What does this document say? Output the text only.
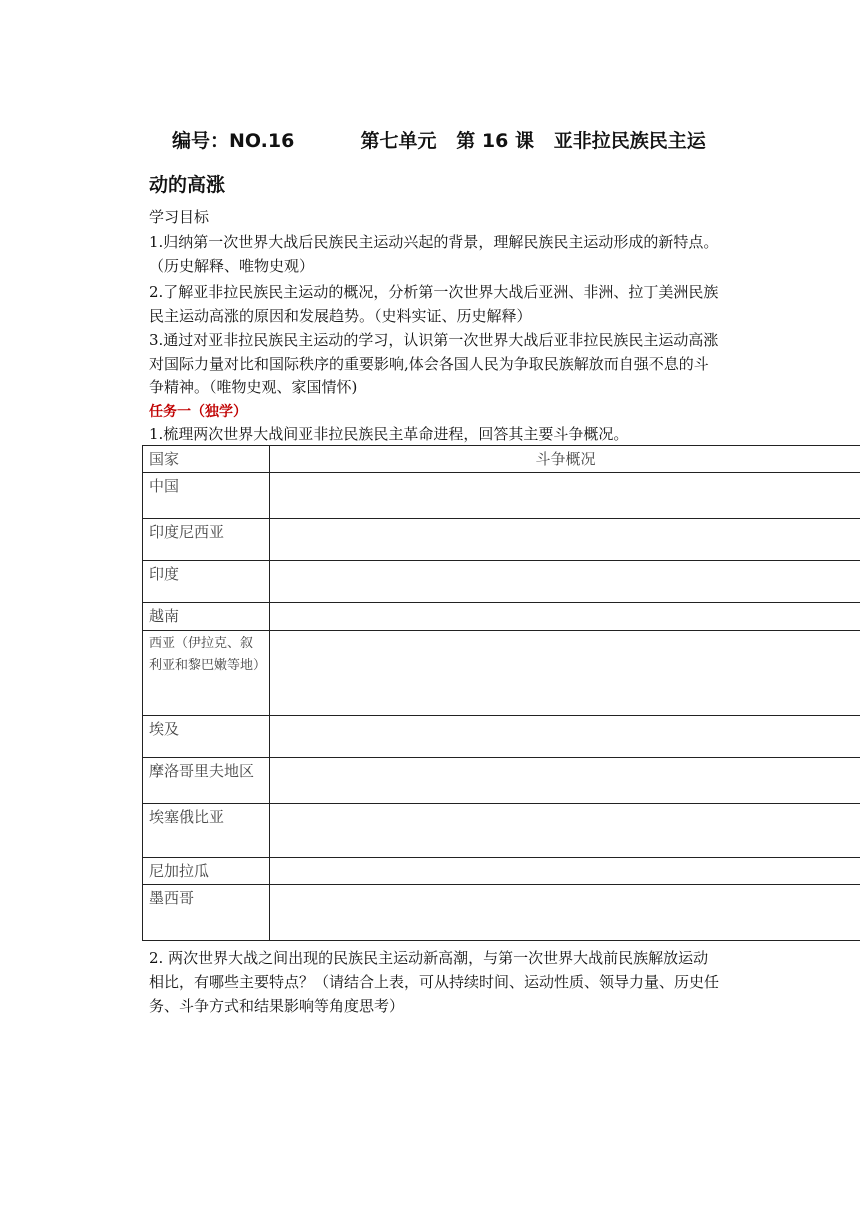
编号：NO.16          第七单元   第 16 课   亚非拉民族民主运
动的高涨
学习目标
1.归纳第一次世界大战后民族民主运动兴起的背景，理解民族民主运动形成的新特点。（历史解释、唯物史观）
2.了解亚非拉民族民主运动的概况，分析第一次世界大战后亚洲、非洲、拉丁美洲民族民主运动高涨的原因和发展趋势。（史料实证、历史解释）
3.通过对亚非拉民族民主运动的学习，认识第一次世界大战后亚非拉民族民主运动高涨对国际力量对比和国际秩序的重要影响,体会各国人民为争取民族解放而自强不息的斗争精神。（唯物史观、家国情怀)
任务一（独学）
1.梳理两次世界大战间亚非拉民族民主革命进程，回答其主要斗争概况。
国家	斗争概况
中国	
印度尼西亚	
印度	
越南	
西亚（伊拉克、叙利亚和黎巴嫩等地）	
埃及	
摩洛哥里夫地区	
埃塞俄比亚	
尼加拉瓜	
墨西哥	
2. 两次世界大战之间出现的民族民主运动新高潮，与第一次世界大战前民族解放运动相比，有哪些主要特点？（请结合上表，可从持续时间、运动性质、领导力量、历史任务、斗争方式和结果影响等角度思考）
